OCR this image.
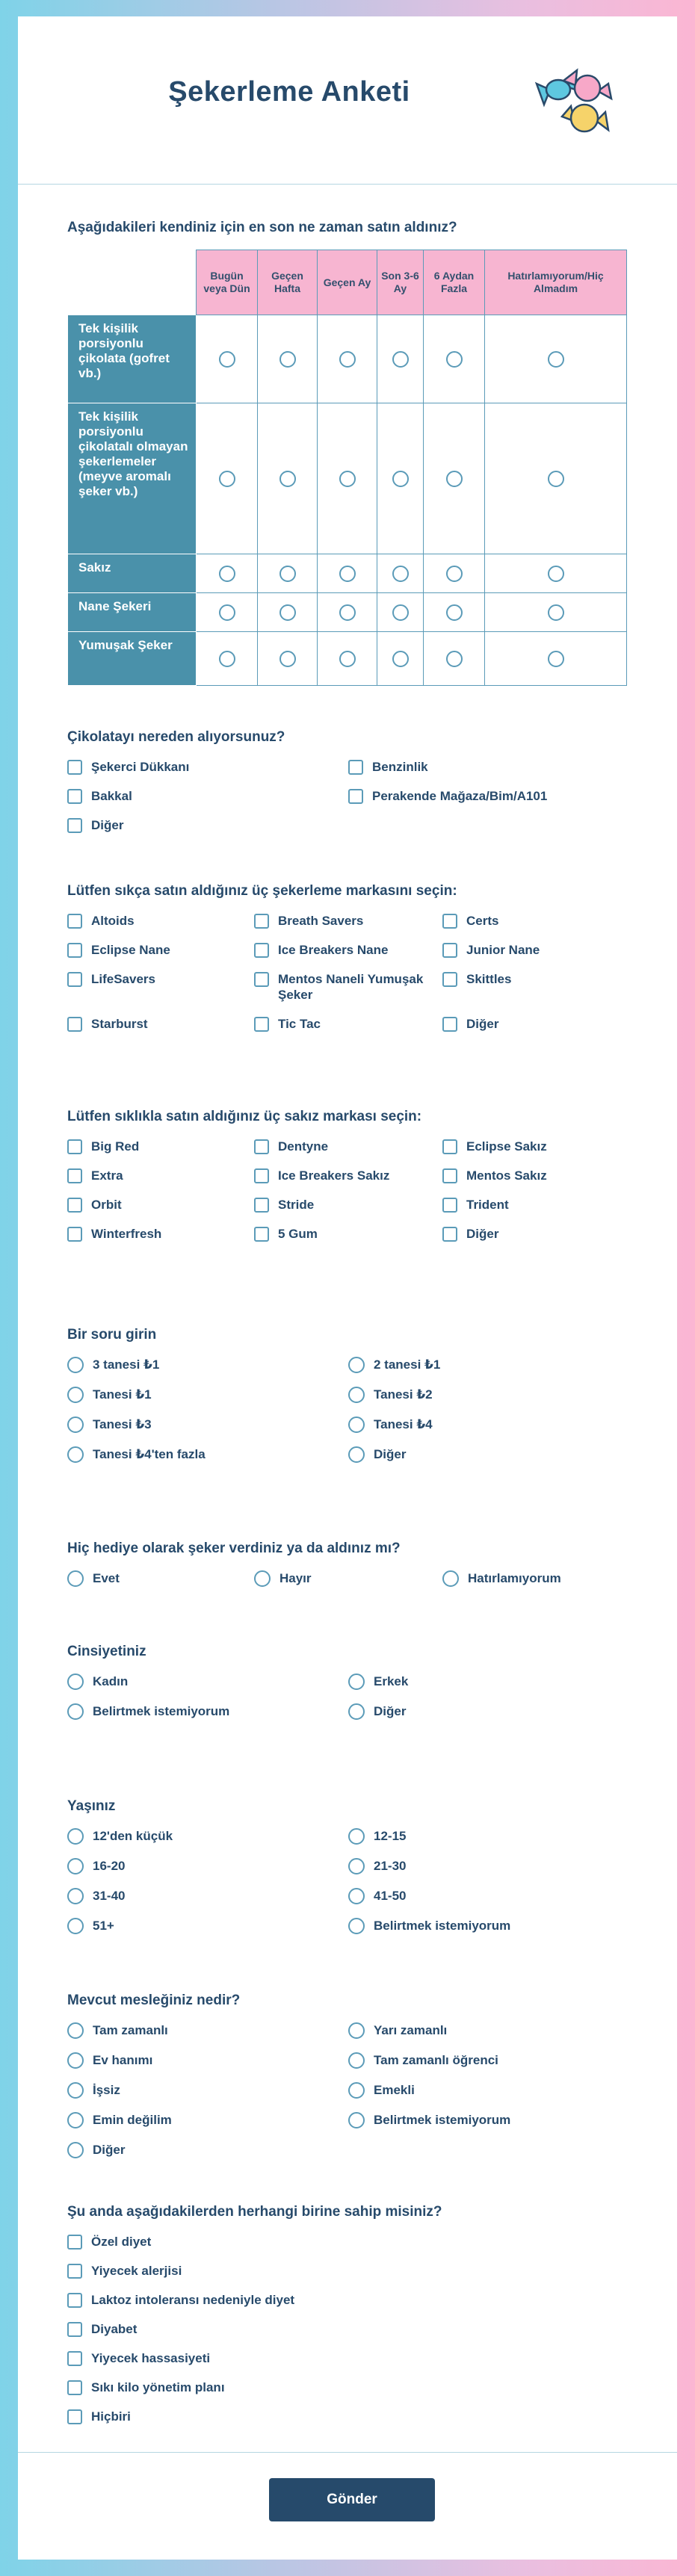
Şekerleme Anketi
Aşağıdakileri kendiniz için en son ne zaman satın aldınız?
	Bugün veya Dün	Geçen Hafta	Geçen Ay	Son 3-6 Ay	6 Aydan Fazla	Hatırlamıyorum/Hiç Almadım
Tek kişilik porsiyonlu çikolata (gofret vb.)						
Tek kişilik porsiyonlu çikolatalı olmayan şekerlemeler (meyve aromalı şeker vb.)						
Sakız						
Nane Şekeri						
Yumuşak Şeker						
Çikolatayı nereden alıyorsunuz?
Şekerci Dükkanı	Benzinlik
Bakkal	Perakende Mağaza/Bim/A101
Diğer
Lütfen sıkça satın aldığınız üç şekerleme markasını seçin:
Altoids	Breath Savers	Certs
Eclipse Nane	Ice Breakers Nane	Junior Nane
LifeSavers	Mentos Naneli Yumuşak Şeker
Skittles
Starburst	Tic Tac	Diğer
Lütfen sıklıkla satın aldığınız üç sakız markası seçin:
Big Red	Dentyne	Eclipse Sakız
Extra	Ice Breakers Sakız	Mentos Sakız
Orbit	Stride	Trident
Winterfresh	5 Gum	Diğer
Bir soru girin
3 tanesi ₺1	2 tanesi ₺1
Tanesi ₺1	Tanesi ₺2
Tanesi ₺3	Tanesi ₺4
Tanesi ₺4'ten fazla	Diğer
Hiç hediye olarak şeker verdiniz ya da aldınız mı?
Evet	Hayır	Hatırlamıyorum
Cinsiyetiniz
Kadın	Erkek
Belirtmek istemiyorum	Diğer
Yaşınız
12'den küçük	12-15
16-20	21-30
31-40	41-50
51+	Belirtmek istemiyorum
Mevcut mesleğiniz nedir?
Tam zamanlı	Yarı zamanlı
Ev hanımı	Tam zamanlı öğrenci
İşsiz	Emekli
Emin değilim	Belirtmek istemiyorum
Diğer
Şu anda aşağıdakilerden herhangi birine sahip misiniz?
Özel diyet
Yiyecek alerjisi
Laktoz intoleransı nedeniyle diyet
Diyabet
Yiyecek hassasiyeti
Sıkı kilo yönetim planı
Hiçbiri
Gönder
